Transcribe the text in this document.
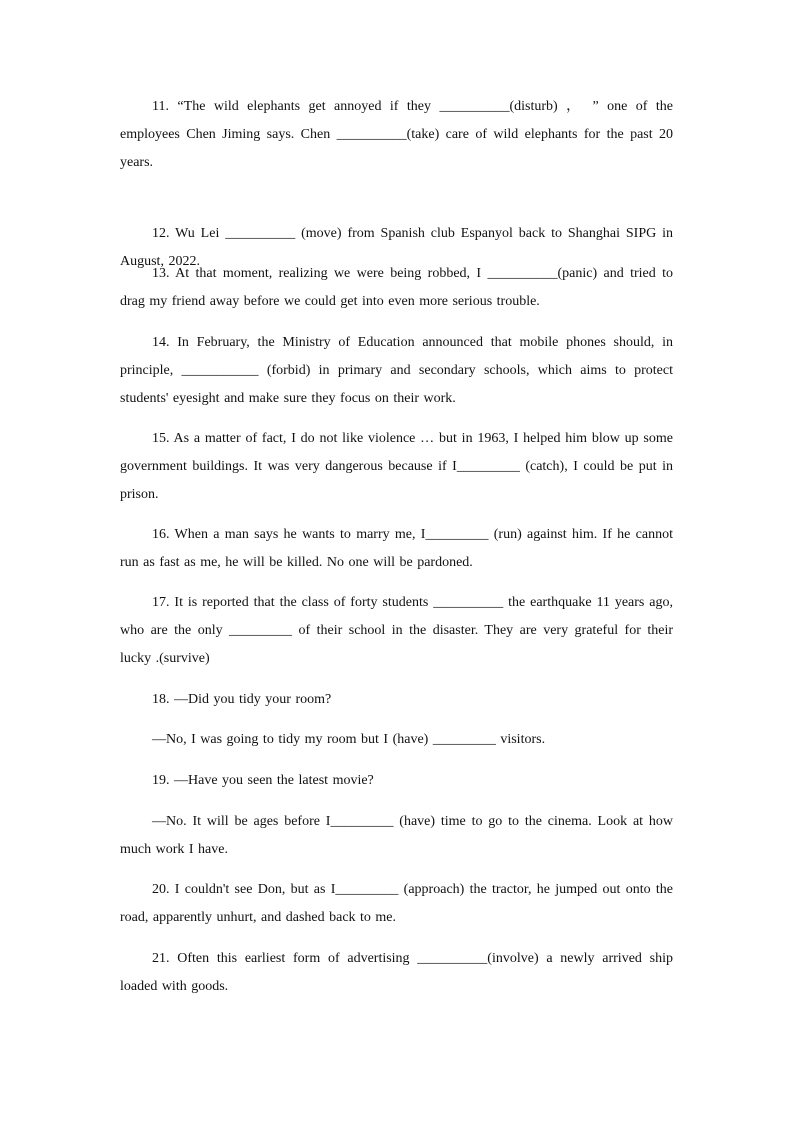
11. “The wild elephants get annoyed if they __________(disturb) ， ” one of the employees Chen Jiming says. Chen __________(take) care of wild elephants for the past 20 years.

12. Wu Lei __________ (move) from Spanish club Espanyol back to Shanghai SIPG in August, 2022.

13. At that moment, realizing we were being robbed, I __________(panic) and tried to drag my friend away before we could get into even more serious trouble.

14. In February, the Ministry of Education announced that mobile phones should, in principle, ___________ (forbid) in primary and secondary schools, which aims to protect students' eyesight and make sure they focus on their work.

15. As a matter of fact, I do not like violence … but in 1963, I helped him blow up some government buildings. It was very dangerous because if I_________ (catch), I could be put in prison.

16. When a man says he wants to marry me, I_________ (run) against him. If he cannot run as fast as me, he will be killed. No one will be pardoned.

17. It is reported that the class of forty students __________ the earthquake 11 years ago, who are the only _________ of their school in the disaster. They are very grateful for their lucky .(survive)

18. —Did you tidy your room?

—No, I was going to tidy my room but I (have) _________ visitors.

19. —Have you seen the latest movie?

—No. It will be ages before I_________ (have) time to go to the cinema. Look at how much work I have.

20. I couldn't see Don, but as I_________ (approach) the tractor, he jumped out onto the road, apparently unhurt, and dashed back to me.

21. Often this earliest form of advertising __________(involve) a newly arrived ship loaded with goods.
